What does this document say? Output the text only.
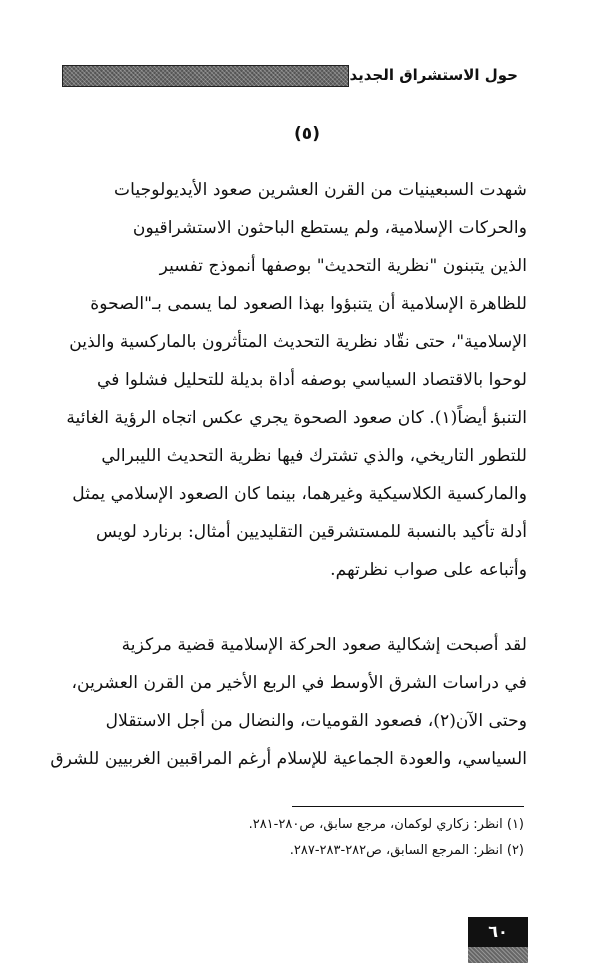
حول الاستشراق الجديد
(٥)
شهدت السبعينيات من القرن العشرين صعود الأيديولوجيات
والحركات الإسلامية، ولم يستطع الباحثون الاستشراقيون
الذين يتبنون "نظرية التحديث" بوصفها أنموذج تفسير
للظاهرة الإسلامية أن يتنبؤوا بهذا الصعود لما يسمى بـ"الصحوة
الإسلامية"، حتى نقّاد نظرية التحديث المتأثرون بالماركسية والذين
لوحوا بالاقتصاد السياسي بوصفه أداة بديلة للتحليل فشلوا في
التنبؤ أيضاً(١). كان صعود الصحوة يجري عكس اتجاه الرؤية الغائية
للتطور التاريخي، والذي تشترك فيها نظرية التحديث الليبرالي
والماركسية الكلاسيكية وغيرهما، بينما كان الصعود الإسلامي يمثل
أدلة تأكيد بالنسبة للمستشرقين التقليديين أمثال: برنارد لويس
وأتباعه على صواب نظرتهم.
لقد أصبحت إشكالية صعود الحركة الإسلامية قضية مركزية
في دراسات الشرق الأوسط في الربع الأخير من القرن العشرين،
وحتى الآن(٢)، فصعود القوميات، والنضال من أجل الاستقلال
السياسي، والعودة الجماعية للإسلام أرغم المراقبين الغربيين للشرق
(١) انظر: زكاري لوكمان، مرجع سابق، ص٢٨٠-٢٨١.
(٢) انظر: المرجع السابق، ص٢٨٢-٢٨٣-٢٨٧.
٦٠
